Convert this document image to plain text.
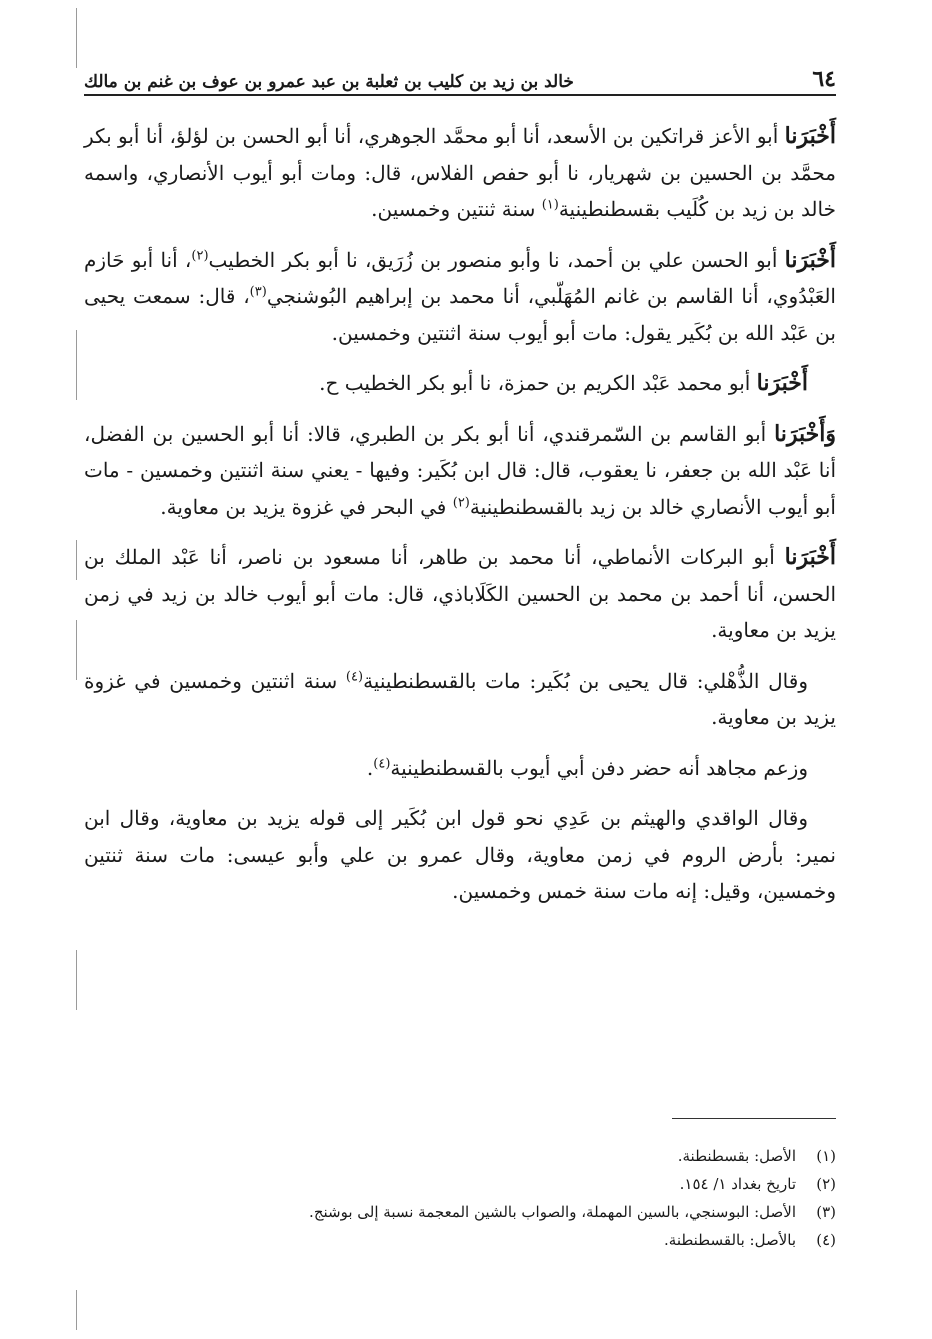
٦٤
خالد بن زيد بن كليب بن ثعلبة بن عبد عمرو بن عوف بن غنم بن مالك

أَخْبَرَنا أبو الأعز قراتكين بن الأسعد، أنا أبو محمَّد الجوهري، أنا أبو الحسن بن لؤلؤ، أنا أبو بكر محمَّد بن الحسين بن شهريار، نا أبو حفص الفلاس، قال: ومات أبو أيوب الأنصاري، واسمه خالد بن زيد بن كُلَيب بقسطنطينية$^{(١)}$ سنة ثنتين وخمسين.

أَخْبَرَنا أبو الحسن علي بن أحمد، نا وأبو منصور بن زُرَيق، نا أبو بكر الخطيب$^{(٢)}$، أنا أبو حَازم العَبْدُوي، أنا القاسم بن غانم المُهَلّبي، أنا محمد بن إبراهيم البُوشنجي$^{(٣)}$، قال: سمعت يحيى بن عَبْد الله بن بُكَير يقول: مات أبو أيوب سنة اثنتين وخمسين.

أَخْبَرَنا أبو محمد عَبْد الكريم بن حمزة، نا أبو بكر الخطيب ح.

وَأَخْبَرَنا أبو القاسم بن السّمرقندي، أنا أبو بكر بن الطبري، قالا: أنا أبو الحسين بن الفضل، أنا عَبْد الله بن جعفر، نا يعقوب، قال: قال ابن بُكَير: وفيها - يعني سنة اثنتين وخمسين - مات أبو أيوب الأنصاري خالد بن زيد بالقسطنطينية$^{(٢)}$ في البحر في غزوة يزيد بن معاوية.

أَخْبَرَنا أبو البركات الأنماطي، أنا محمد بن طاهر، أنا مسعود بن ناصر، أنا عَبْد الملك بن الحسن، أنا أحمد بن محمد بن الحسين الكَلَاباذي، قال: مات أبو أيوب خالد بن زيد في زمن يزيد بن معاوية.

وقال الذُّهْلي: قال يحيى بن بُكَير: مات بالقسطنطينية$^{(٤)}$ سنة اثنتين وخمسين في غزوة يزيد بن معاوية.

وزعم مجاهد أنه حضر دفن أبي أيوب بالقسطنطينية$^{(٤)}$.

وقال الواقدي والهيثم بن عَدِي نحو قول ابن بُكَير إلى قوله يزيد بن معاوية، وقال ابن نمير: بأرض الروم في زمن معاوية، وقال عمرو بن علي وأبو عيسى: مات سنة ثنتين وخمسين، وقيل: إنه مات سنة خمس وخمسين.

(١)
الأصل: بقسطنطنة.
(٢)
تاريخ بغداد ١/ ١٥٤.
(٣)
الأصل: البوسنجي، بالسين المهملة، والصواب بالشين المعجمة نسبة إلى بوشنج.
(٤)
بالأصل: بالقسطنطنة.
